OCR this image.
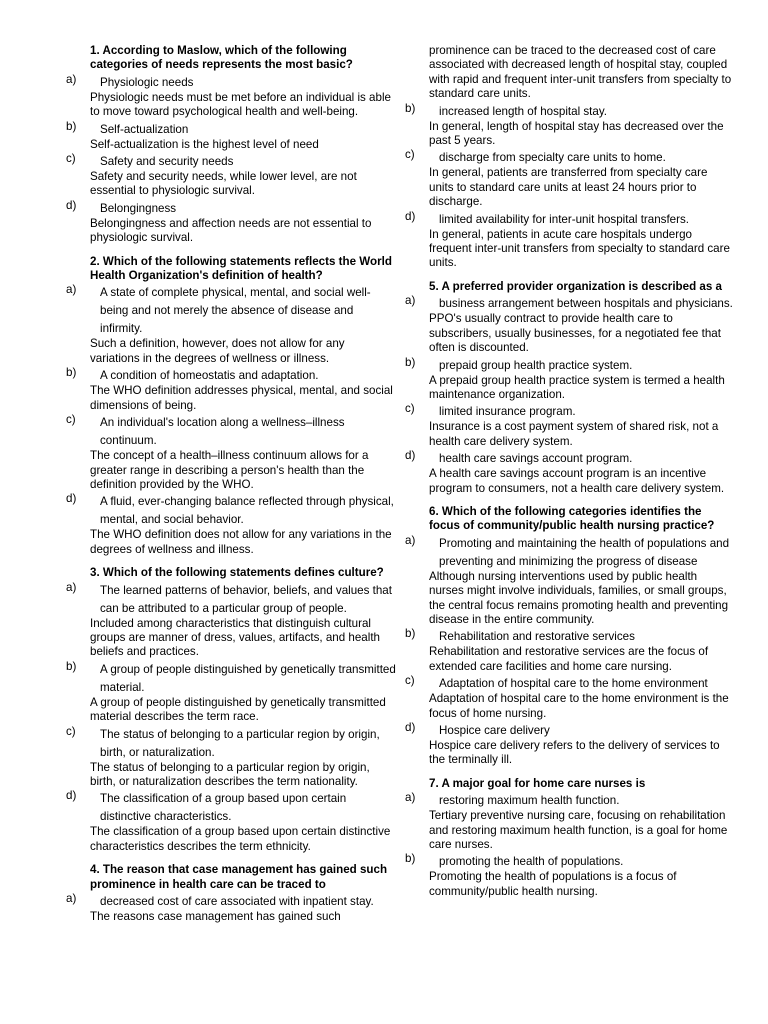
1. According to Maslow, which of the following categories of needs represents the most basic?
a) Physiologic needs
Physiologic needs must be met before an individual is able to move toward psychological health and well-being.
b) Self-actualization
Self-actualization is the highest level of need
c) Safety and security needs
Safety and security needs, while lower level, are not essential to physiologic survival.
d) Belongingness
Belongingness and affection needs are not essential to physiologic survival.
2. Which of the following statements reflects the World Health Organization's definition of health?
a) A state of complete physical, mental, and social well-being and not merely the absence of disease and infirmity.
Such a definition, however, does not allow for any variations in the degrees of wellness or illness.
b) A condition of homeostatis and adaptation.
The WHO definition addresses physical, mental, and social dimensions of being.
c) An individual's location along a wellness–illness continuum.
The concept of a health–illness continuum allows for a greater range in describing a person's health than the definition provided by the WHO.
d) A fluid, ever-changing balance reflected through physical, mental, and social behavior.
The WHO definition does not allow for any variations in the degrees of wellness and illness.
3. Which of the following statements defines culture?
a) The learned patterns of behavior, beliefs, and values that can be attributed to a particular group of people.
Included among characteristics that distinguish cultural groups are manner of dress, values, artifacts, and health beliefs and practices.
b) A group of people distinguished by genetically transmitted material.
A group of people distinguished by genetically transmitted material describes the term race.
c) The status of belonging to a particular region by origin, birth, or naturalization.
The status of belonging to a particular region by origin, birth, or naturalization describes the term nationality.
d) The classification of a group based upon certain distinctive characteristics.
The classification of a group based upon certain distinctive characteristics describes the term ethnicity.
4. The reason that case management has gained such prominence in health care can be traced to
a) decreased cost of care associated with inpatient stay.
The reasons case management has gained such
prominence can be traced to the decreased cost of care associated with decreased length of hospital stay, coupled with rapid and frequent inter-unit transfers from specialty to standard care units.
b) increased length of hospital stay.
In general, length of hospital stay has decreased over the past 5 years.
c) discharge from specialty care units to home.
In general, patients are transferred from specialty care units to standard care units at least 24 hours prior to discharge.
d) limited availability for inter-unit hospital transfers.
In general, patients in acute care hospitals undergo frequent inter-unit transfers from specialty to standard care units.
5. A preferred provider organization is described as a
a) business arrangement between hospitals and physicians.
PPO's usually contract to provide health care to subscribers, usually businesses, for a negotiated fee that often is discounted.
b) prepaid group health practice system.
A prepaid group health practice system is termed a health maintenance organization.
c) limited insurance program.
Insurance is a cost payment system of shared risk, not a health care delivery system.
d) health care savings account program.
A health care savings account program is an incentive program to consumers, not a health care delivery system.
6. Which of the following categories identifies the focus of community/public health nursing practice?
a) Promoting and maintaining the health of populations and preventing and minimizing the progress of disease
Although nursing interventions used by public health nurses might involve individuals, families, or small groups, the central focus remains promoting health and preventing disease in the entire community.
b) Rehabilitation and restorative services
Rehabilitation and restorative services are the focus of extended care facilities and home care nursing.
c) Adaptation of hospital care to the home environment
Adaptation of hospital care to the home environment is the focus of home nursing.
d) Hospice care delivery
Hospice care delivery refers to the delivery of services to the terminally ill.
7. A major goal for home care nurses is
a) restoring maximum health function.
Tertiary preventive nursing care, focusing on rehabilitation and restoring maximum health function, is a goal for home care nurses.
b) promoting the health of populations.
Promoting the health of populations is a focus of community/public health nursing.
